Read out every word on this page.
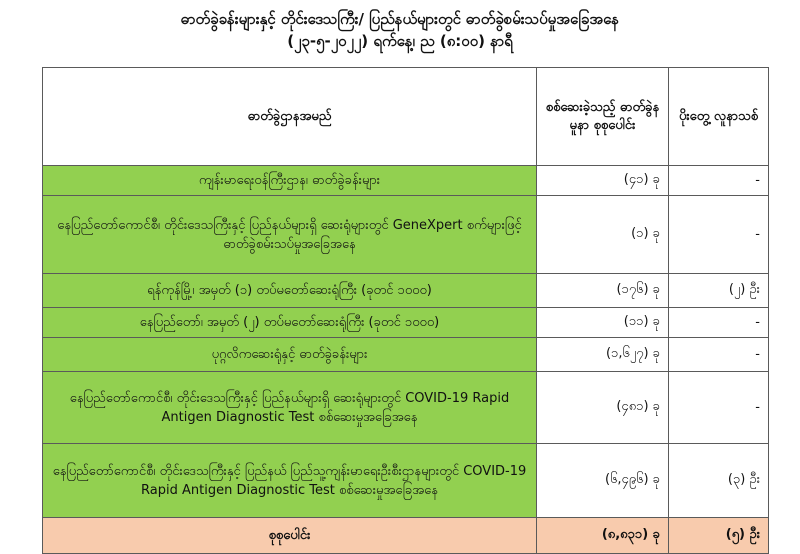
ဓာတ်ခွဲခန်းများနှင့် တိုင်းဒေသကြီး/ ပြည်နယ်များတွင် ဓာတ်ခွဲစမ်းသပ်မှုအခြေအနေ
(၂၃-၅-၂၀၂၂) ရက်နေ့၊ ည (၈:၀၀) နာရီ
ဓာတ်ခွဲဌာနအမည်	စစ်ဆေးခဲ့သည့် ဓာတ်ခွဲနမူနာ စုစုပေါင်း	ပိုးတွေ့ လူနာသစ်
ကျန်းမာရေးဝန်ကြီးဌာန၊ ဓာတ်ခွဲခန်းများ	(၄၁) ခု	-
နေပြည်တော်ကောင်စီ၊ တိုင်းဒေသကြီးနှင့် ပြည်နယ်များရှိ ဆေးရုံများတွင် GeneXpert စက်များဖြင့် ဓာတ်ခွဲစမ်းသပ်မှုအခြေအနေ	(၁) ခု	-
ရန်ကုန်မြို့၊ အမှတ် (၁) တပ်မတော်ဆေးရုံကြီး (ခုတင် ၁၀၀၀)	(၁၇၆) ခု	(၂) ဦး
နေပြည်တော်၊ အမှတ် (၂) တပ်မတော်ဆေးရုံကြီး (ခုတင် ၁၀၀၀)	(၁၁) ခု	-
ပုဂ္ဂလိကဆေးရုံနှင့် ဓာတ်ခွဲခန်းများ	(၁,၆၂၇) ခု	-
နေပြည်တော်ကောင်စီ၊ တိုင်းဒေသကြီးနှင့် ပြည်နယ်များရှိ ဆေးရုံများတွင် COVID-19 Rapid Antigen Diagnostic Test စစ်ဆေးမှုအခြေအနေ	(၄၈၁) ခု	-
နေပြည်တော်ကောင်စီ၊ တိုင်းဒေသကြီးနှင့် ပြည်နယ် ပြည်သူ့ကျန်းမာရေးဦးစီးဌာနများတွင် COVID-19 Rapid Antigen Diagnostic Test စစ်ဆေးမှုအခြေအနေ	(၆,၄၉၆) ခု	(၃) ဦး
စုစုပေါင်း	(၈,၈၃၁) ခု	(၅) ဦး
